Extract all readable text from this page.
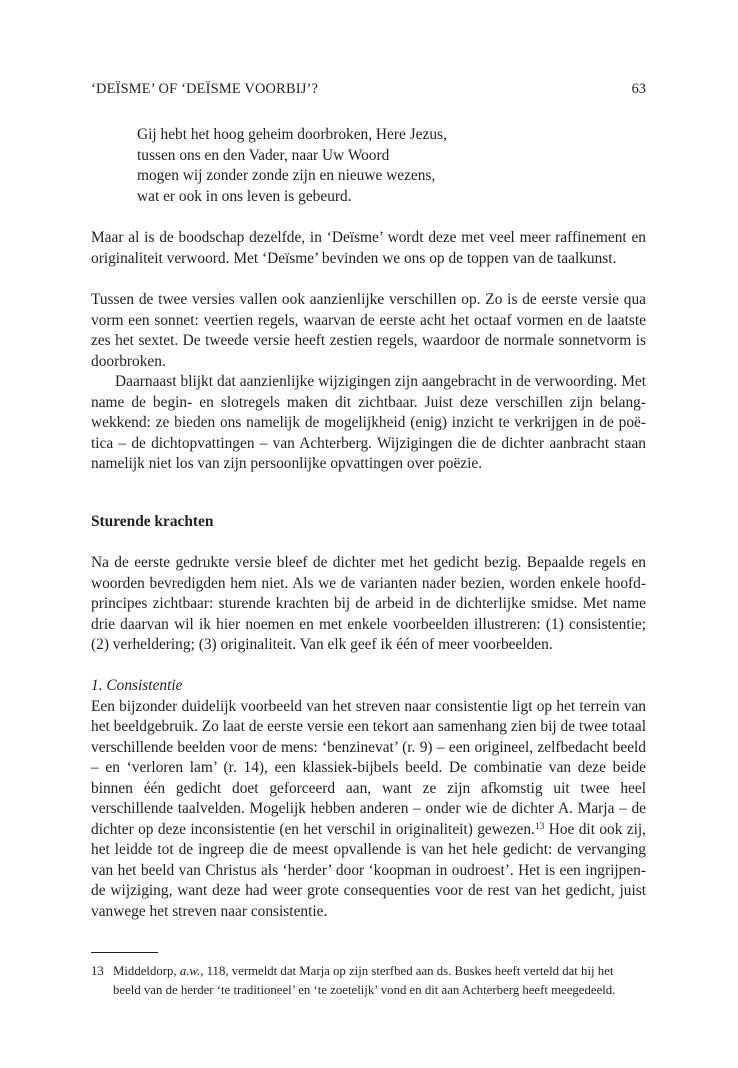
‘DEÏSME’ OF ‘DEÏSME VOORBIJ’?	63
Gij hebt het hoog geheim doorbroken, Here Jezus,
tussen ons en den Vader, naar Uw Woord
mogen wij zonder zonde zijn en nieuwe wezens,
wat er ook in ons leven is gebeurd.

Maar al is de boodschap dezelfde, in ‘Deïsme’ wordt deze met veel meer raffinement en originaliteit verwoord. Met ‘Deïsme’ bevinden we ons op de toppen van de taalkunst.

Tussen de twee versies vallen ook aanzienlijke verschillen op. Zo is de eerste versie qua vorm een sonnet: veertien regels, waarvan de eerste acht het octaaf vormen en de laatste zes het sextet. De tweede versie heeft zestien regels, waardoor de normale sonnetvorm is doorbroken.

Daarnaast blijkt dat aanzienlijke wijzigingen zijn aangebracht in de verwoording. Met name de begin- en slotregels maken dit zichtbaar. Juist deze verschillen zijn belangwekkend: ze bieden ons namelijk de mogelijkheid (enig) inzicht te verkrijgen in de poëtica – de dichtopvattingen – van Achterberg. Wijzigingen die de dichter aanbracht staan namelijk niet los van zijn persoonlijke opvattingen over poëzie.

Sturende krachten

Na de eerste gedrukte versie bleef de dichter met het gedicht bezig. Bepaalde regels en woorden bevredigden hem niet. Als we de varianten nader bezien, worden enkele hoofdprincipes zichtbaar: sturende krachten bij de arbeid in de dichterlijke smidse. Met name drie daarvan wil ik hier noemen en met enkele voorbeelden illustreren: (1) consistentie; (2) verheldering; (3) originaliteit. Van elk geef ik één of meer voorbeelden.

1. Consistentie

Een bijzonder duidelijk voorbeeld van het streven naar consistentie ligt op het terrein van het beeldgebruik. Zo laat de eerste versie een tekort aan samenhang zien bij de twee totaal verschillende beelden voor de mens: ‘benzinevat’ (r. 9) – een origineel, zelfbedacht beeld – en ‘verloren lam’ (r. 14), een klassiek-bijbels beeld. De combinatie van deze beide binnen één gedicht doet geforceerd aan, want ze zijn afkomstig uit twee heel verschillende taalvelden. Mogelijk hebben anderen – onder wie de dichter A. Marja – de dichter op deze inconsistentie (en het verschil in originaliteit) gewezen.$^{13}$ Hoe dit ook zij, het leidde tot de ingreep die de meest opvallende is van het hele gedicht: de vervanging van het beeld van Christus als ‘herder’ door ‘koopman in oudroest’. Het is een ingrijpende wijziging, want deze had weer grote consequenties voor de rest van het gedicht, juist vanwege het streven naar consistentie.

13 Middeldorp, a.w., 118, vermeldt dat Marja op zijn sterfbed aan ds. Buskes heeft verteld dat hij het
beeld van de herder ‘te traditioneel’ en ‘te zoetelijk’ vond en dit aan Achterberg heeft meegedeeld.
